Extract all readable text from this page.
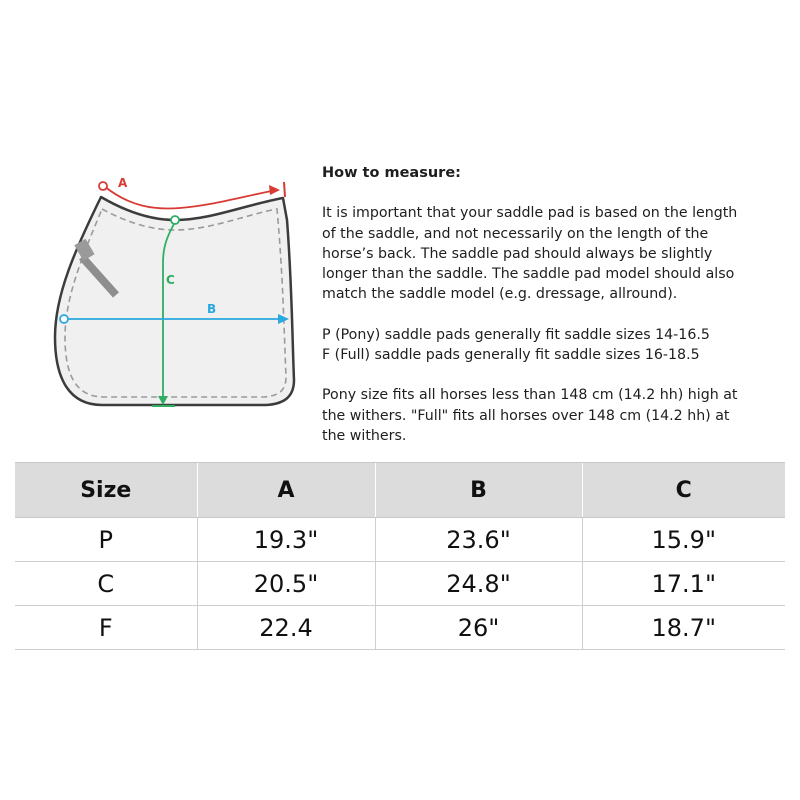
A
C
B

How to measure:

It is important that your saddle pad is based on the length

of the saddle, and not necessarily on the length of the

horse’s back. The saddle pad should always be slightly

longer than the saddle. The saddle pad model should also

match the saddle model (e.g. dressage, allround).

P (Pony) saddle pads generally fit saddle sizes 14-16.5

F (Full) saddle pads generally fit saddle sizes 16-18.5

Pony size fits all horses less than 148 cm (14.2 hh) high at

the withers. "Full" fits all horses over 148 cm (14.2 hh) at

the withers.

Size	A	B	C
P	19.3"	23.6"	15.9"
C	20.5"	24.8"	17.1"
F	22.4	26"	18.7"
